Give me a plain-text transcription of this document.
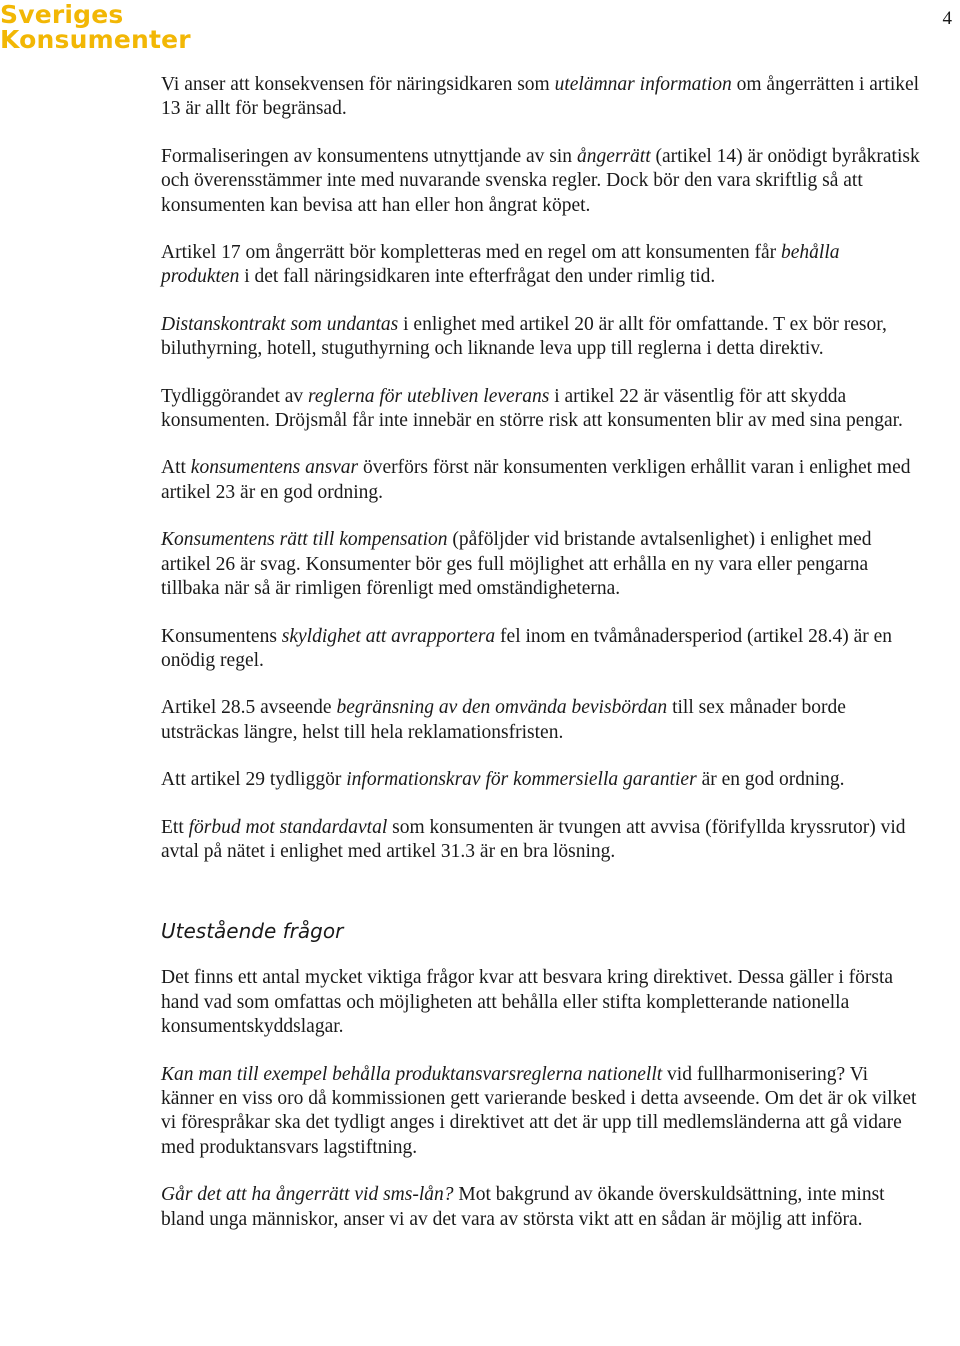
Sveriges
Konsumenter
4

Vi anser att konsekvensen för näringsidkaren som utelämnar information om ångerrätten i artikel 13 är allt för begränsad.

Formaliseringen av konsumentens utnyttjande av sin ångerrätt (artikel 14) är onödigt byråkratisk och överensstämmer inte med nuvarande svenska regler. Dock bör den vara skriftlig så att konsumenten kan bevisa att han eller hon ångrat köpet.

Artikel 17 om ångerrätt bör kompletteras med en regel om att konsumenten får behålla produkten i det fall näringsidkaren inte efterfrågat den under rimlig tid.

Distanskontrakt som undantas i enlighet med artikel 20 är allt för omfattande. T ex bör resor, biluthyrning, hotell, stuguthyrning och liknande leva upp till reglerna i detta direktiv.

Tydliggörandet av reglerna för utebliven leverans i artikel 22 är väsentlig för att skydda konsumenten. Dröjsmål får inte innebär en större risk att konsumenten blir av med sina pengar.

Att konsumentens ansvar överförs först när konsumenten verkligen erhållit varan i enlighet med artikel 23 är en god ordning.

Konsumentens rätt till kompensation (påföljder vid bristande avtalsenlighet) i enlighet med artikel 26 är svag. Konsumenter bör ges full möjlighet att erhålla en ny vara eller pengarna tillbaka när så är rimligen förenligt med omständigheterna.

Konsumentens skyldighet att avrapportera fel inom en tvåmånadersperiod (artikel 28.4) är en onödig regel.

Artikel 28.5 avseende begränsning av den omvända bevisbördan till sex månader borde utsträckas längre, helst till hela reklamationsfristen.

Att artikel 29 tydliggör informationskrav för kommersiella garantier är en god ordning.

Ett förbud mot standardavtal som konsumenten är tvungen att avvisa (förifyllda kryssrutor) vid avtal på nätet i enlighet med artikel 31.3 är en bra lösning.

Utestående frågor

Det finns ett antal mycket viktiga frågor kvar att besvara kring direktivet. Dessa gäller i första hand vad som omfattas och möjligheten att behålla eller stifta kompletterande nationella konsumentskyddslagar.

Kan man till exempel behålla produktansvarsreglerna nationellt vid fullharmonisering? Vi känner en viss oro då kommissionen gett varierande besked i detta avseende. Om det är ok vilket vi förespråkar ska det tydligt anges i direktivet att det är upp till medlemsländerna att gå vidare med produktansvars lagstiftning.

Går det att ha ångerrätt vid sms-lån? Mot bakgrund av ökande överskuldsättning, inte minst bland unga människor, anser vi av det vara av största vikt att en sådan är möjlig att införa.
